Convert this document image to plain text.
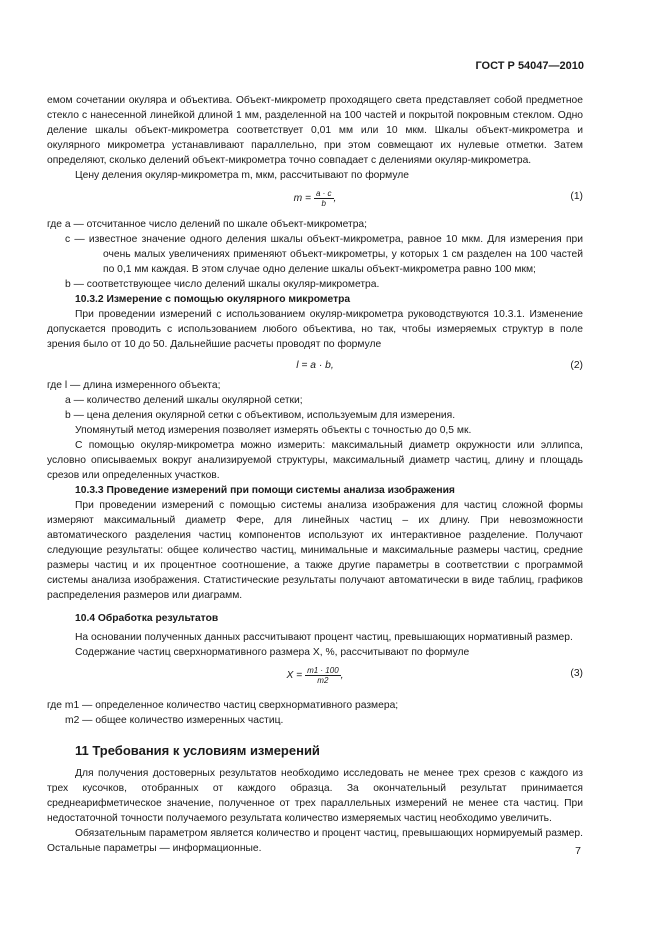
ГОСТ Р 54047—2010

емом сочетании окуляра и объектива. Объект-микрометр проходящего света представляет собой предметное стекло с нанесенной линейкой длиной 1 мм, разделенной на 100 частей и покрытой покровным стеклом. Одно деление шкалы объект-микрометра соответствует 0,01 мм или 10 мкм. Шкалы объект-микрометра и окулярного микрометра устанавливают параллельно, при этом совмещают их нулевые отметки. Затем определяют, сколько делений объект-микрометра точно совпадает с делениями окуляр-микрометра.

Цену деления окуляр-микрометра m, мкм, рассчитывают по формуле

$m = \frac{a \cdot c}{b}$ ,	(1)

где a — отсчитанное число делений по шкале объект-микрометра;

c — известное значение одного деления шкалы объект-микрометра, равное 10 мкм. Для измерения при очень малых увеличениях применяют объект-микрометры, у которых 1 см разделен на 100 частей по 0,1 мм каждая. В этом случае одно деление шкалы объект-микрометра равно 100 мкм;

b — соответствующее число делений шкалы окуляр-микрометра.

10.3.2 Измерение с помощью окулярного микрометра

При проведении измерений с использованием окуляр-микрометра руководствуются 10.3.1. Изменение допускается проводить с использованием любого объектива, но так, чтобы измеряемых структур в поле зрения было от 10 до 50. Дальнейшие расчеты проводят по формуле

l = a · b,	(2)

где l — длина измеренного объекта;

a — количество делений шкалы окулярной сетки;

b — цена деления окулярной сетки с объективом, используемым для измерения.

Упомянутый метод измерения позволяет измерять объекты с точностью до 0,5 мк.

С помощью окуляр-микрометра можно измерить: максимальный диаметр окружности или эллипса, условно описываемых вокруг анализируемой структуры, максимальный диаметр частиц, длину и площадь срезов или определенных участков.

10.3.3 Проведение измерений при помощи системы анализа изображения

При проведении измерений с помощью системы анализа изображения для частиц сложной формы измеряют максимальный диаметр Фере, для линейных частиц – их длину. При невозможности автоматического разделения частиц компонентов используют их интерактивное разделение. Получают следующие результаты: общее количество частиц, минимальные и максимальные размеры частиц, средние размеры частиц и их процентное соотношение, а также другие параметры в соответствии с программой системы анализа изображения. Статистические результаты получают автоматически в виде таблиц, графиков распределения размеров или диаграмм.

10.4 Обработка результатов

На основании полученных данных рассчитывают процент частиц, превышающих нормативный размер.

Содержание частиц сверхнормативного размера X, %, рассчитывают по формуле

$X = \frac{m1 \cdot 100}{m2}$ ,	(3)

где m1 — определенное количество частиц сверхнормативного размера;

m2 — общее количество измеренных частиц.

11 Требования к условиям измерений

Для получения достоверных результатов необходимо исследовать не менее трех срезов с каждого из трех кусочков, отобранных от каждого образца. За окончательный результат принимается среднеарифметическое значение, полученное от трех параллельных измерений не менее ста частиц. При недостаточной точности получаемого результата количество измеряемых частиц необходимо увеличить.

Обязательным параметром является количество и процент частиц, превышающих нормируемый размер. Остальные параметры — информационные.	7
